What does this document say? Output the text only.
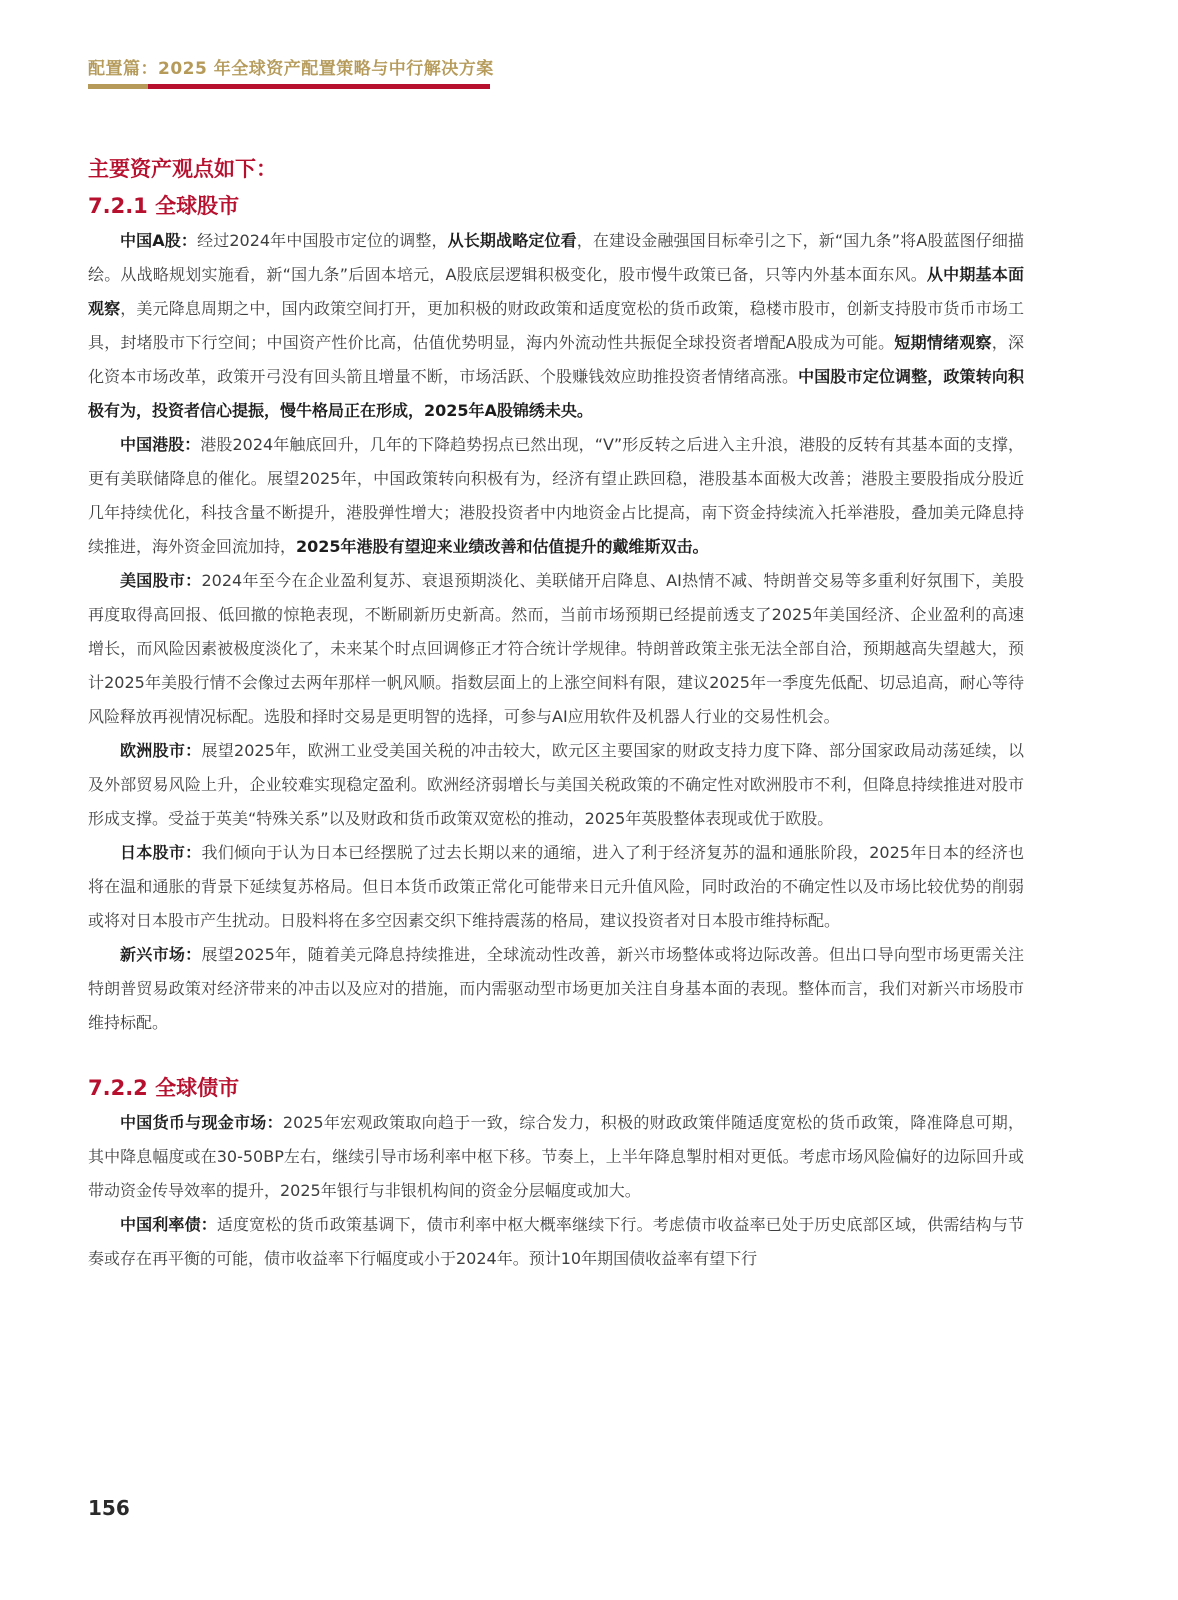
配置篇：2025 年全球资产配置策略与中行解决方案
主要资产观点如下：
7.2.1 全球股市

中国A股：经过2024年中国股市定位的调整，从长期战略定位看，在建设金融强国目标牵引之下，新“国九条”将A股蓝图仔细描绘。从战略规划实施看，新“国九条”后固本培元，A股底层逻辑积极变化，股市慢牛政策已备，只等内外基本面东风。从中期基本面观察，美元降息周期之中，国内政策空间打开，更加积极的财政政策和适度宽松的货币政策，稳楼市股市，创新支持股市货币市场工具，封堵股市下行空间；中国资产性价比高，估值优势明显，海内外流动性共振促全球投资者增配A股成为可能。短期情绪观察，深化资本市场改革，政策开弓没有回头箭且增量不断，市场活跃、个股赚钱效应助推投资者情绪高涨。中国股市定位调整，政策转向积极有为，投资者信心提振，慢牛格局正在形成，2025年A股锦绣未央。

中国港股：港股2024年触底回升，几年的下降趋势拐点已然出现，“V”形反转之后进入主升浪，港股的反转有其基本面的支撑，更有美联储降息的催化。展望2025年，中国政策转向积极有为，经济有望止跌回稳，港股基本面极大改善；港股主要股指成分股近几年持续优化，科技含量不断提升，港股弹性增大；港股投资者中内地资金占比提高，南下资金持续流入托举港股，叠加美元降息持续推进，海外资金回流加持，2025年港股有望迎来业绩改善和估值提升的戴维斯双击。

美国股市：2024年至今在企业盈利复苏、衰退预期淡化、美联储开启降息、AI热情不减、特朗普交易等多重利好氛围下，美股再度取得高回报、低回撤的惊艳表现，不断刷新历史新高。然而，当前市场预期已经提前透支了2025年美国经济、企业盈利的高速增长，而风险因素被极度淡化了，未来某个时点回调修正才符合统计学规律。特朗普政策主张无法全部自洽，预期越高失望越大，预计2025年美股行情不会像过去两年那样一帆风顺。指数层面上的上涨空间料有限，建议2025年一季度先低配、切忌追高，耐心等待风险释放再视情况标配。选股和择时交易是更明智的选择，可参与AI应用软件及机器人行业的交易性机会。

欧洲股市：展望2025年，欧洲工业受美国关税的冲击较大，欧元区主要国家的财政支持力度下降、部分国家政局动荡延续，以及外部贸易风险上升，企业较难实现稳定盈利。欧洲经济弱增长与美国关税政策的不确定性对欧洲股市不利，但降息持续推进对股市形成支撑。受益于英美“特殊关系”以及财政和货币政策双宽松的推动，2025年英股整体表现或优于欧股。

日本股市：我们倾向于认为日本已经摆脱了过去长期以来的通缩，进入了利于经济复苏的温和通胀阶段，2025年日本的经济也将在温和通胀的背景下延续复苏格局。但日本货币政策正常化可能带来日元升值风险，同时政治的不确定性以及市场比较优势的削弱或将对日本股市产生扰动。日股料将在多空因素交织下维持震荡的格局，建议投资者对日本股市维持标配。

新兴市场：展望2025年，随着美元降息持续推进，全球流动性改善，新兴市场整体或将边际改善。但出口导向型市场更需关注特朗普贸易政策对经济带来的冲击以及应对的措施，而内需驱动型市场更加关注自身基本面的表现。整体而言，我们对新兴市场股市维持标配。

7.2.2 全球债市

中国货币与现金市场：2025年宏观政策取向趋于一致，综合发力，积极的财政政策伴随适度宽松的货币政策，降准降息可期，其中降息幅度或在30-50BP左右，继续引导市场利率中枢下移。节奏上，上半年降息掣肘相对更低。考虑市场风险偏好的边际回升或带动资金传导效率的提升，2025年银行与非银机构间的资金分层幅度或加大。

中国利率债：适度宽松的货币政策基调下，债市利率中枢大概率继续下行。考虑债市收益率已处于历史底部区域，供需结构与节奏或存在再平衡的可能，债市收益率下行幅度或小于2024年。预计10年期国债收益率有望下行

156
